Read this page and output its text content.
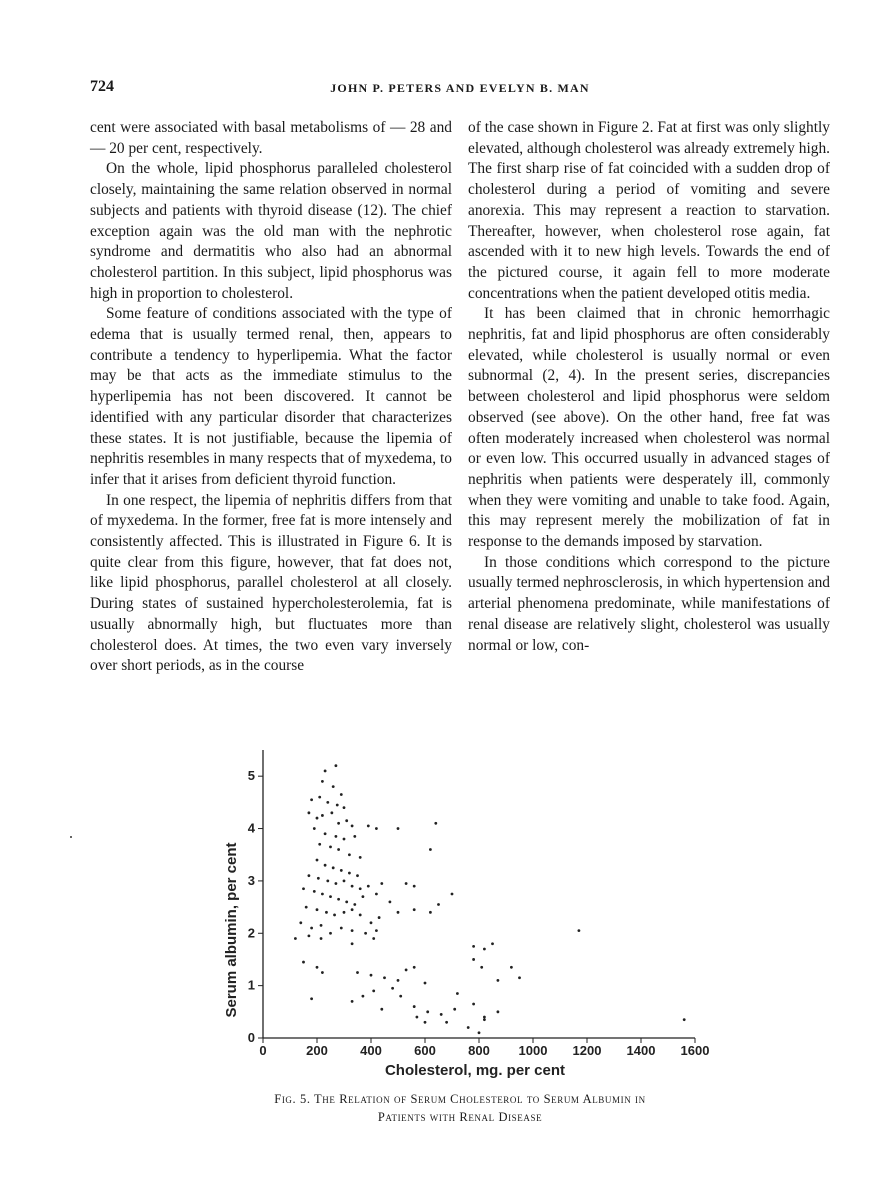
724	JOHN P. PETERS AND EVELYN B. MAN

cent were associated with basal metabolisms of — 28 and — 20 per cent, respectively.

On the whole, lipid phosphorus paralleled cholesterol closely, maintaining the same relation observed in normal subjects and patients with thyroid disease (12). The chief exception again was the old man with the nephrotic syndrome and dermatitis who also had an abnormal cholesterol partition. In this subject, lipid phosphorus was high in proportion to cholesterol.

Some feature of conditions associated with the type of edema that is usually termed renal, then, appears to contribute a tendency to hyperlipemia. What the factor may be that acts as the immediate stimulus to the hyperlipemia has not been discovered. It cannot be identified with any particular disorder that characterizes these states. It is not justifiable, because the lipemia of nephritis resembles in many respects that of myxedema, to infer that it arises from deficient thyroid function.

In one respect, the lipemia of nephritis differs from that of myxedema. In the former, free fat is more intensely and consistently affected. This is illustrated in Figure 6. It is quite clear from this figure, however, that fat does not, like lipid phosphorus, parallel cholesterol at all closely. During states of sustained hypercholesterolemia, fat is usually abnormally high, but fluctuates more than cholesterol does. At times, the two even vary inversely over short periods, as in the course

of the case shown in Figure 2. Fat at first was only slightly elevated, although cholesterol was already extremely high. The first sharp rise of fat coincided with a sudden drop of cholesterol during a period of vomiting and severe anorexia. This may represent a reaction to starvation. Thereafter, however, when cholesterol rose again, fat ascended with it to new high levels. Towards the end of the pictured course, it again fell to more moderate concentrations when the patient developed otitis media.

It has been claimed that in chronic hemorrhagic nephritis, fat and lipid phosphorus are often considerably elevated, while cholesterol is usually normal or even subnormal (2, 4). In the present series, discrepancies between cholesterol and lipid phosphorus were seldom observed (see above). On the other hand, free fat was often moderately increased when cholesterol was normal or even low. This occurred usually in advanced stages of nephritis when patients were desperately ill, commonly when they were vomiting and unable to take food. Again, this may represent merely the mobilization of fat in response to the demands imposed by starvation.

In those conditions which correspond to the picture usually termed nephrosclerosis, in which hypertension and arterial phenomena predominate, while manifestations of renal disease are relatively slight, cholesterol was usually normal or low, con-

0	200 400 600 800 1000 1200 1400 1600
0
1
2
3
4
5
Cholesterol, mg. per cent
Serum albumin, per cent
Fig. 5. The Relation of Serum Cholesterol to Serum Albumin in
Patients with Renal Disease
